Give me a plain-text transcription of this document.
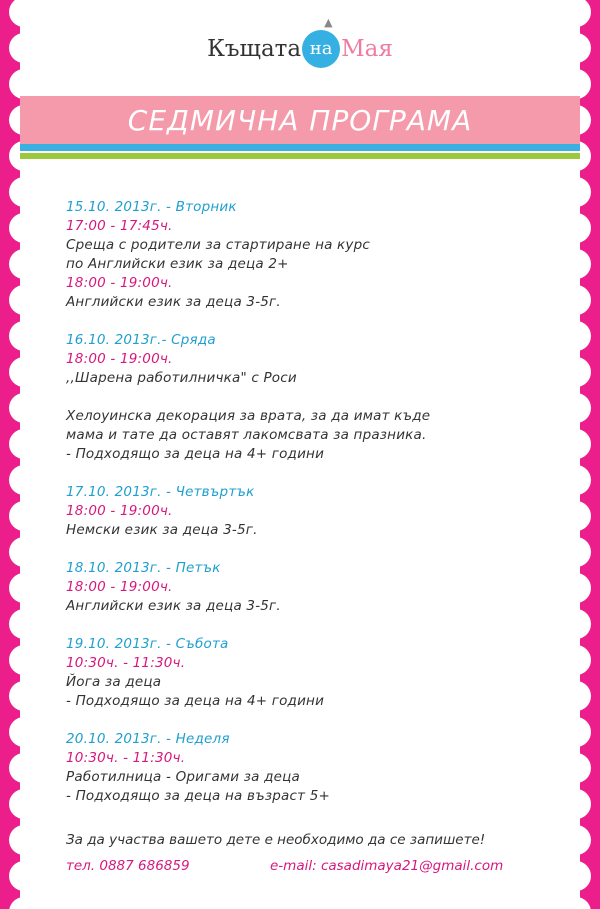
Къщата
▲
на Мая
СЕДМИЧНА ПРОГРАМА
15.10. 2013г. - Вторник
17:00 - 17:45ч.
Среща с родители за стартиране на курс
по Английски език за деца 2+
18:00 - 19:00ч.
Английски език за деца 3-5г.
16.10. 2013г.- Сряда
18:00 - 19:00ч.
,,Шарена работилничка" с Роси
Хелоуинска декорация за врата, за да имат къде
мама и тате да оставят лакомсвата за празника.
- Подходящо за деца на 4+ години
17.10. 2013г. - Четвъртък
18:00 - 19:00ч.
Немски език за деца 3-5г.
18.10. 2013г. - Петък
18:00 - 19:00ч.
Английски език за деца 3-5г.
19.10. 2013г. - Събота
10:30ч. - 11:30ч.
Йога за деца
- Подходящо за деца на 4+ години
20.10. 2013г. - Неделя
10:30ч. - 11:30ч.
Работилница - Оригами за деца
- Подходящо за деца на възраст 5+
За да участва вашето дете е необходимо да се запишете!
тел. 0887 686859	e-mail: casadimaya21@gmail.com
